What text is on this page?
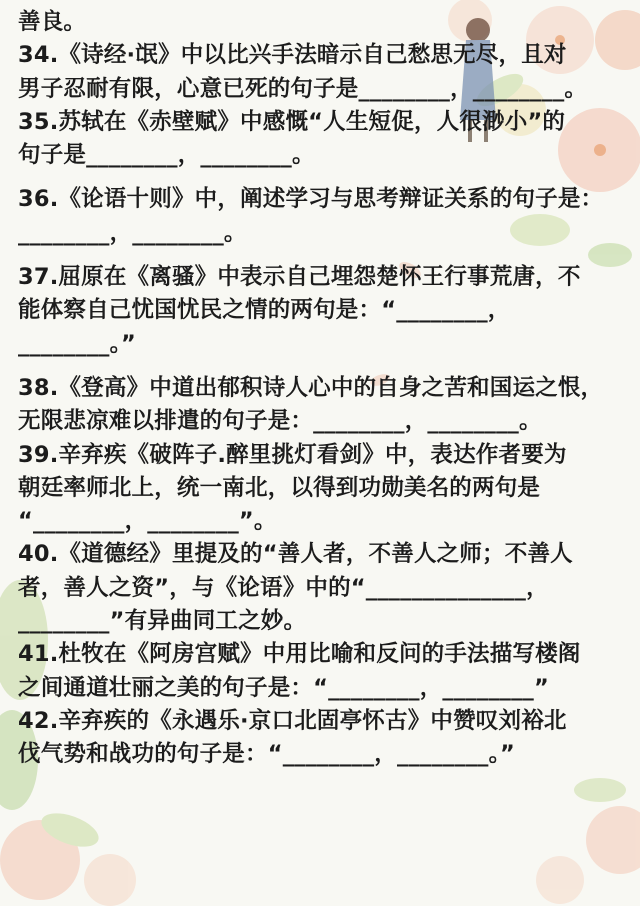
善良。
34.《诗经·氓》中以比兴手法暗示自己愁思无尽，且对
男子忍耐有限，心意已死的句子是________，________。
35.苏轼在《赤壁赋》中感慨“人生短促，人很渺小”的
句子是________，________。
36.《论语十则》中，阐述学习与思考辩证关系的句子是：
________，________。
37.屈原在《离骚》中表示自己埋怨楚怀王行事荒唐，不
能体察自己忧国忧民之情的两句是：“________，
________。”
38.《登高》中道出郁积诗人心中的自身之苦和国运之恨，
无限悲凉难以排遣的句子是：________，________。
39.辛弃疾《破阵子.醉里挑灯看剑》中，表达作者要为
朝廷率师北上，统一南北，以得到功勋美名的两句是
“________，________”。
40.《道德经》里提及的“善人者，不善人之师；不善人
者，善人之资”，与《论语》中的“______________，
________”有异曲同工之妙。
41.杜牧在《阿房宫赋》中用比喻和反问的手法描写楼阁
之间通道壮丽之美的句子是：“________，________”
42.辛弃疾的《永遇乐·京口北固亭怀古》中赞叹刘裕北
伐气势和战功的句子是：“________，________。”
